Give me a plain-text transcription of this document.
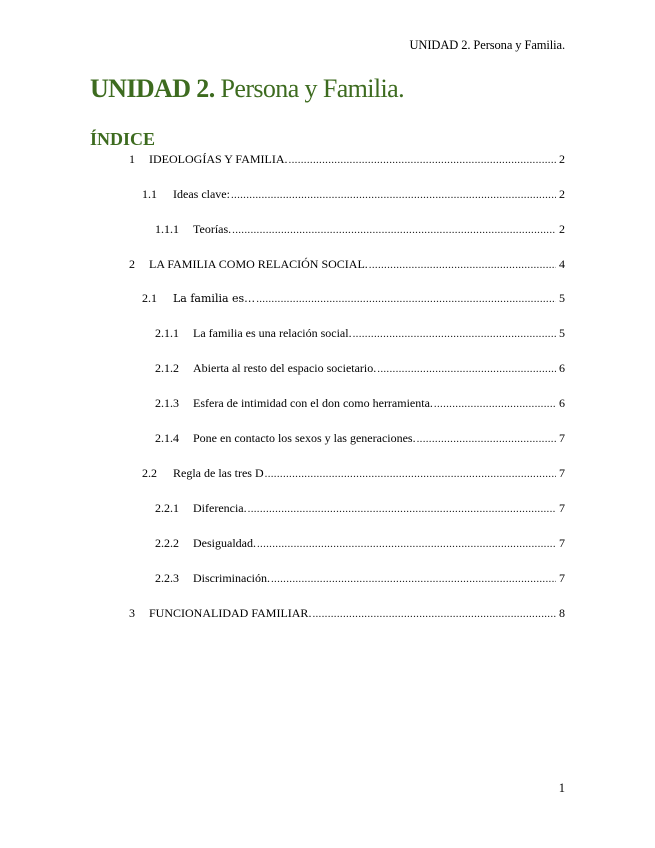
UNIDAD 2. Persona y Familia.
UNIDAD 2. Persona y Familia.
ÍNDICE
1	IDEOLOGÍAS Y FAMILIA. .....	2
1.1	Ideas clave: .....	2
1.1.1	Teorías. .....	2
2	LA FAMILIA COMO RELACIÓN SOCIAL. .....	4
2.1	La familia es… .....	5
2.1.1	La familia es una relación social. .....	5
2.1.2	Abierta al resto del espacio societario. .....	6
2.1.3	Esfera de intimidad con el don como herramienta. .....	6
2.1.4	Pone en contacto los sexos y las generaciones. .....	7
2.2	Regla de las tres D .....	7
2.2.1	Diferencia. .....	7
2.2.2	Desigualdad. .....	7
2.2.3	Discriminación. .....	7
3	FUNCIONALIDAD FAMILIAR. .....	8
1
